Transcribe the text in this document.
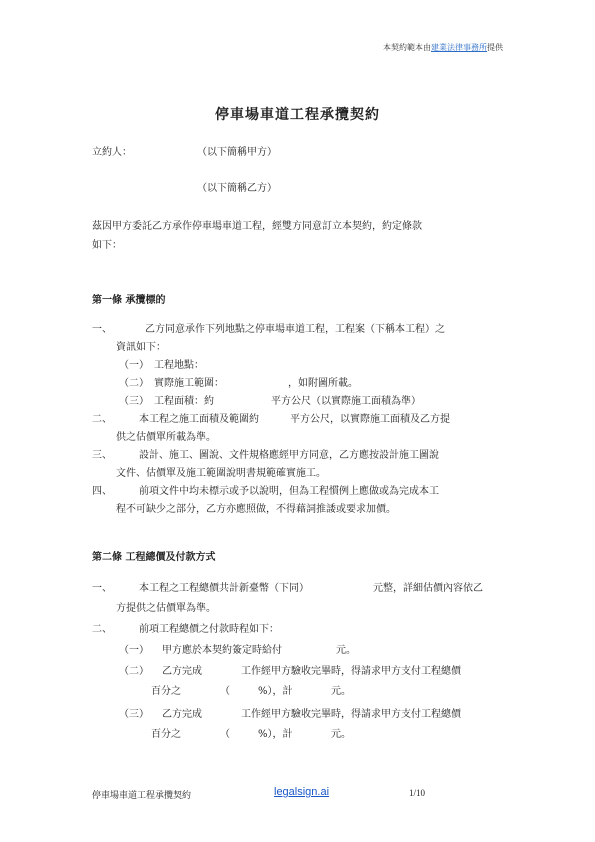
本契約範本由建業法律事務所提供
停車場車道工程承攬契約
立約人：	（以下簡稱甲方）
（以下簡稱乙方）
茲因甲方委託乙方承作停車場車道工程，經雙方同意訂立本契約，約定條款
如下：
第一條 承攬標的
一、	乙方同意承作下列地點之停車場車道工程，工程案（下稱本工程）之
資訊如下：
（一）　工程地點：
（二）　實際施工範圍：	，如附圖所載。
（三）　工程面積：約	平方公尺（以實際施工面積為準）
二、	本工程之施工面積及範圍約	平方公尺，以實際施工面積及乙方提
供之估價單所載為準。
三、	設計、施工、圖說、文件規格應經甲方同意，乙方應按設計施工圖說
文件、估價單及施工範圍說明書規範確實施工。
四、	前項文件中均未標示或予以說明，但為工程慣例上應做或為完成本工
程不可缺少之部分，乙方亦應照做，不得藉詞推諉或要求加價。
第二條 工程總價及付款方式
一、	本工程之工程總價共計新臺幣（下同）	元整，詳細估價內容依乙
方提供之估價單為準。
二、	前項工程總價之付款時程如下：
（一） 甲方應於本契約簽定時給付	元。
（二） 乙方完成	工作經甲方驗收完畢時，得請求甲方支付工程總價
百分之	（	%），計	元。
（三） 乙方完成	工作經甲方驗收完畢時，得請求甲方支付工程總價
百分之	（	%），計	元。
停車場車道工程承攬契約	legalsign.ai	1/10
